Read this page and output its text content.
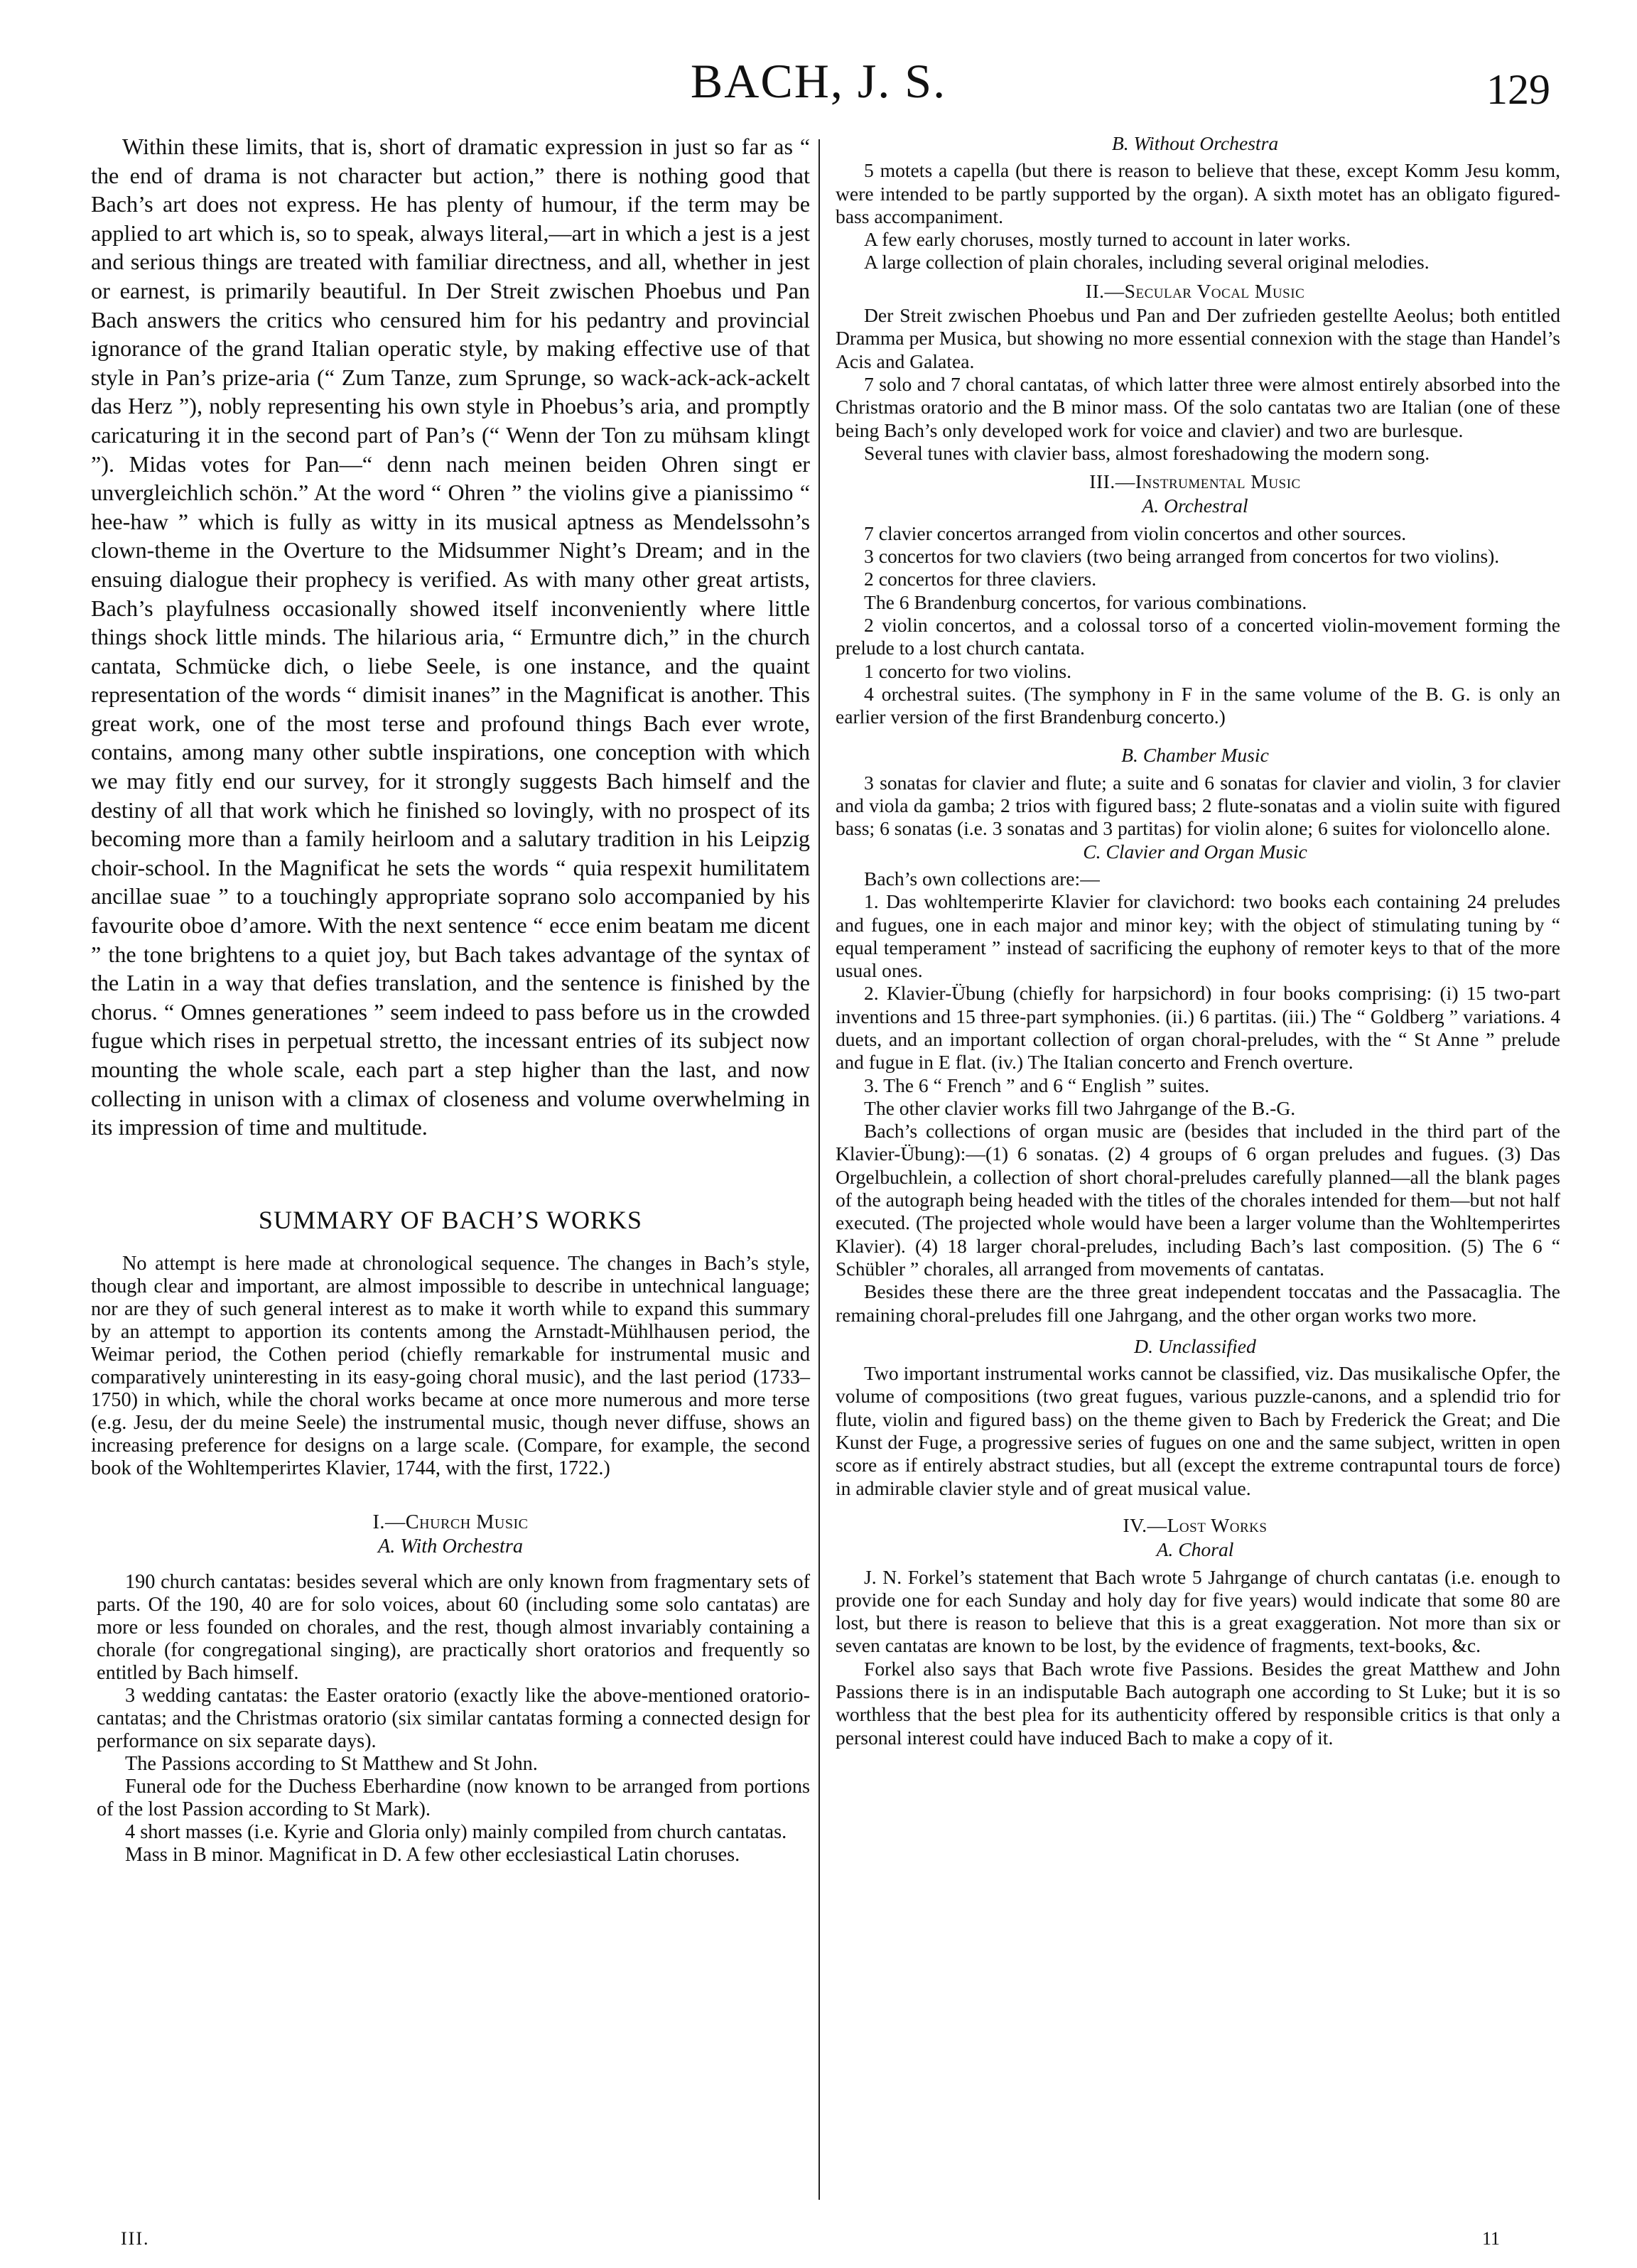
BACH, J. S.	129

Within these limits, that is, short of dramatic expression in just so far as “ the end of drama is not character but action,” there is nothing good that Bach’s art does not express. He has plenty of humour, if the term may be applied to art which is, so to speak, always literal,—art in which a jest is a jest and serious things are treated with familiar directness, and all, whether in jest or earnest, is primarily beautiful. In Der Streit zwischen Phoebus und Pan Bach answers the critics who censured him for his pedantry and provincial ignorance of the grand Italian operatic style, by making effective use of that style in Pan’s prize-aria (“ Zum Tanze, zum Sprunge, so wack-ack-ack-ackelt das Herz ”), nobly representing his own style in Phoebus’s aria, and promptly caricaturing it in the second part of Pan’s (“ Wenn der Ton zu mühsam klingt ”). Midas votes for Pan—“ denn nach meinen beiden Ohren singt er unvergleichlich schön.” At the word “ Ohren ” the violins give a pianissimo “ hee-haw ” which is fully as witty in its musical aptness as Mendelssohn’s clown-theme in the Overture to the Midsummer Night’s Dream; and in the ensuing dialogue their prophecy is verified. As with many other great artists, Bach’s playfulness occasionally showed itself inconveniently where little things shock little minds. The hilarious aria, “ Ermuntre dich,” in the church cantata, Schmücke dich, o liebe Seele, is one instance, and the quaint representation of the words “ dimisit inanes” in the Magnificat is another. This great work, one of the most terse and profound things Bach ever wrote, contains, among many other subtle inspirations, one conception with which we may fitly end our survey, for it strongly suggests Bach himself and the destiny of all that work which he finished so lovingly, with no prospect of its becoming more than a family heirloom and a salutary tradition in his Leipzig choir-school. In the Magnificat he sets the words “ quia respexit humilitatem ancillae suae ” to a touchingly appropriate soprano solo accompanied by his favourite oboe d’amore. With the next sentence “ ecce enim beatam me dicent ” the tone brightens to a quiet joy, but Bach takes advantage of the syntax of the Latin in a way that defies translation, and the sentence is finished by the chorus. “ Omnes generationes ” seem indeed to pass before us in the crowded fugue which rises in perpetual stretto, the incessant entries of its subject now mounting the whole scale, each part a step higher than the last, and now collecting in unison with a climax of closeness and volume overwhelming in its impression of time and multitude.

SUMMARY OF BACH’S WORKS

No attempt is here made at chronological sequence. The changes in Bach’s style, though clear and important, are almost impossible to describe in untechnical language; nor are they of such general interest as to make it worth while to expand this summary by an attempt to apportion its contents among the Arnstadt-Mühlhausen period, the Weimar period, the Cothen period (chiefly remarkable for instrumental music and comparatively uninteresting in its easy-going choral music), and the last period (1733–1750) in which, while the choral works became at once more numerous and more terse (e.g. Jesu, der du meine Seele) the instrumental music, though never diffuse, shows an increasing preference for designs on a large scale. (Compare, for example, the second book of the Wohltemperirtes Klavier, 1744, with the first, 1722.)

I.—Church Music
A. With Orchestra

190 church cantatas: besides several which are only known from fragmentary sets of parts. Of the 190, 40 are for solo voices, about 60 (including some solo cantatas) are more or less founded on chorales, and the rest, though almost invariably containing a chorale (for congregational singing), are practically short oratorios and frequently so entitled by Bach himself.

3 wedding cantatas: the Easter oratorio (exactly like the above-mentioned oratorio-cantatas; and the Christmas oratorio (six similar cantatas forming a connected design for performance on six separate days).

The Passions according to St Matthew and St John.

Funeral ode for the Duchess Eberhardine (now known to be arranged from portions of the lost Passion according to St Mark).

4 short masses (i.e. Kyrie and Gloria only) mainly compiled from church cantatas.

Mass in B minor. Magnificat in D. A few other ecclesiastical Latin choruses.

B. Without Orchestra

5 motets a capella (but there is reason to believe that these, except Komm Jesu komm, were intended to be partly supported by the organ). A sixth motet has an obligato figured-bass accompaniment.

A few early choruses, mostly turned to account in later works.

A large collection of plain chorales, including several original melodies.

II.—Secular Vocal Music

Der Streit zwischen Phoebus und Pan and Der zufrieden gestellte Aeolus; both entitled Dramma per Musica, but showing no more essential connexion with the stage than Handel’s Acis and Galatea.

7 solo and 7 choral cantatas, of which latter three were almost entirely absorbed into the Christmas oratorio and the B minor mass. Of the solo cantatas two are Italian (one of these being Bach’s only developed work for voice and clavier) and two are burlesque.

Several tunes with clavier bass, almost foreshadowing the modern song.

III.—Instrumental Music
A. Orchestral

7 clavier concertos arranged from violin concertos and other sources.

3 concertos for two claviers (two being arranged from concertos for two violins).

2 concertos for three claviers.

The 6 Brandenburg concertos, for various combinations.

2 violin concertos, and a colossal torso of a concerted violin-movement forming the prelude to a lost church cantata.

1 concerto for two violins.

4 orchestral suites. (The symphony in F in the same volume of the B. G. is only an earlier version of the first Brandenburg concerto.)

B. Chamber Music

3 sonatas for clavier and flute; a suite and 6 sonatas for clavier and violin, 3 for clavier and viola da gamba; 2 trios with figured bass; 2 flute-sonatas and a violin suite with figured bass; 6 sonatas (i.e. 3 sonatas and 3 partitas) for violin alone; 6 suites for violoncello alone.

C. Clavier and Organ Music

Bach’s own collections are:—

1. Das wohltemperirte Klavier for clavichord: two books each containing 24 preludes and fugues, one in each major and minor key; with the object of stimulating tuning by “ equal temperament ” instead of sacrificing the euphony of remoter keys to that of the more usual ones.

2. Klavier-Übung (chiefly for harpsichord) in four books comprising: (i) 15 two-part inventions and 15 three-part symphonies. (ii.) 6 partitas. (iii.) The “ Goldberg ” variations. 4 duets, and an important collection of organ choral-preludes, with the “ St Anne ” prelude and fugue in E flat. (iv.) The Italian concerto and French overture.

3. The 6 “ French ” and 6 “ English ” suites.

The other clavier works fill two Jahrgange of the B.-G.

Bach’s collections of organ music are (besides that included in the third part of the Klavier-Übung):—(1) 6 sonatas. (2) 4 groups of 6 organ preludes and fugues. (3) Das Orgelbuchlein, a collection of short choral-preludes carefully planned—all the blank pages of the autograph being headed with the titles of the chorales intended for them—but not half executed. (The projected whole would have been a larger volume than the Wohltemperirtes Klavier). (4) 18 larger choral-preludes, including Bach’s last composition. (5) The 6 “ Schübler ” chorales, all arranged from movements of cantatas.

Besides these there are the three great independent toccatas and the Passacaglia. The remaining choral-preludes fill one Jahrgang, and the other organ works two more.

D. Unclassified

Two important instrumental works cannot be classified, viz. Das musikalische Opfer, the volume of compositions (two great fugues, various puzzle-canons, and a splendid trio for flute, violin and figured bass) on the theme given to Bach by Frederick the Great; and Die Kunst der Fuge, a progressive series of fugues on one and the same subject, written in open score as if entirely abstract studies, but all (except the extreme contrapuntal tours de force) in admirable clavier style and of great musical value.

IV.—Lost Works
A. Choral

J. N. Forkel’s statement that Bach wrote 5 Jahrgange of church cantatas (i.e. enough to provide one for each Sunday and holy day for five years) would indicate that some 80 are lost, but there is reason to believe that this is a great exaggeration. Not more than six or seven cantatas are known to be lost, by the evidence of fragments, text-books, &c.

Forkel also says that Bach wrote five Passions. Besides the great Matthew and John Passions there is in an indisputable Bach autograph one according to St Luke; but it is so worthless that the best plea for its authenticity offered by responsible critics is that only a personal interest could have induced Bach to make a copy of it.

III.	11
